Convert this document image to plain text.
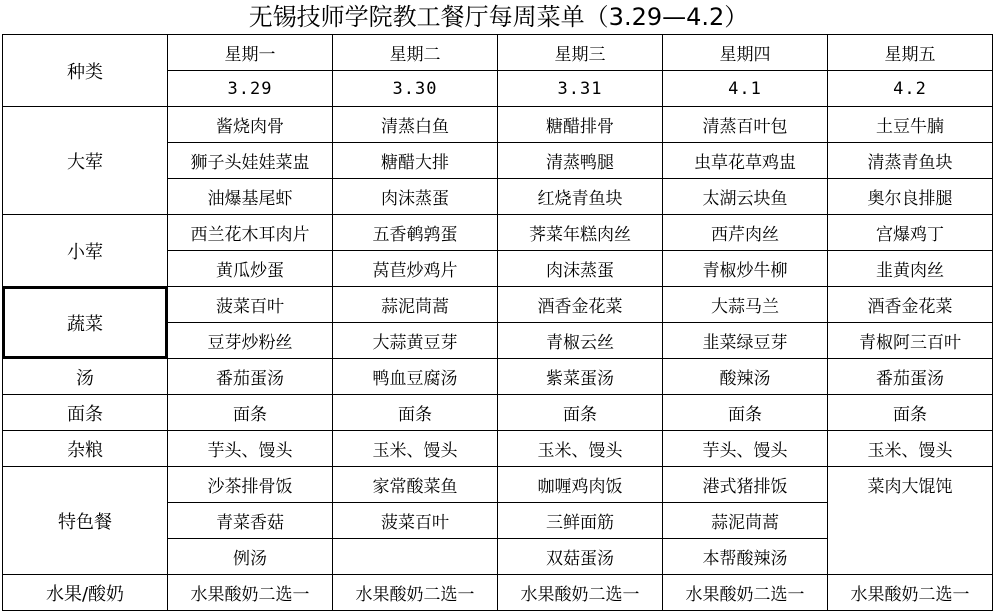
无锡技师学院教工餐厅每周菜单（3.29—4.2）
种类	星期一	星期二	星期三	星期四	星期五
	3.29	3.30	3.31	4.1	4.2
大荤	酱烧肉骨	清蒸白鱼	糖醋排骨	清蒸百叶包	土豆牛腩
	狮子头娃娃菜盅	糖醋大排	清蒸鸭腿	虫草花草鸡盅	清蒸青鱼块
	油爆基尾虾	肉沫蒸蛋	红烧青鱼块	太湖云块鱼	奥尔良排腿
小荤	西兰花木耳肉片	五香鹌鹑蛋	荠菜年糕肉丝	西芹肉丝	宫爆鸡丁
	黄瓜炒蛋	莴苣炒鸡片	肉沫蒸蛋	青椒炒牛柳	韭黄肉丝
蔬菜	菠菜百叶	蒜泥茼蒿	酒香金花菜	大蒜马兰	酒香金花菜
	豆芽炒粉丝	大蒜黄豆芽	青椒云丝	韭菜绿豆芽	青椒阿三百叶
汤	番茄蛋汤	鸭血豆腐汤	紫菜蛋汤	酸辣汤	番茄蛋汤
面条	面条	面条	面条	面条	面条
杂粮	芋头、馒头	玉米、馒头	玉米、馒头	芋头、馒头	玉米、馒头
特色餐	沙茶排骨饭	家常酸菜鱼	咖喱鸡肉饭	港式猪排饭	菜肉大馄饨
	青菜香菇	菠菜百叶	三鲜面筋	蒜泥茼蒿	
	例汤		双菇蛋汤	本帮酸辣汤	
水果/酸奶	水果酸奶二选一	水果酸奶二选一	水果酸奶二选一	水果酸奶二选一	水果酸奶二选一
